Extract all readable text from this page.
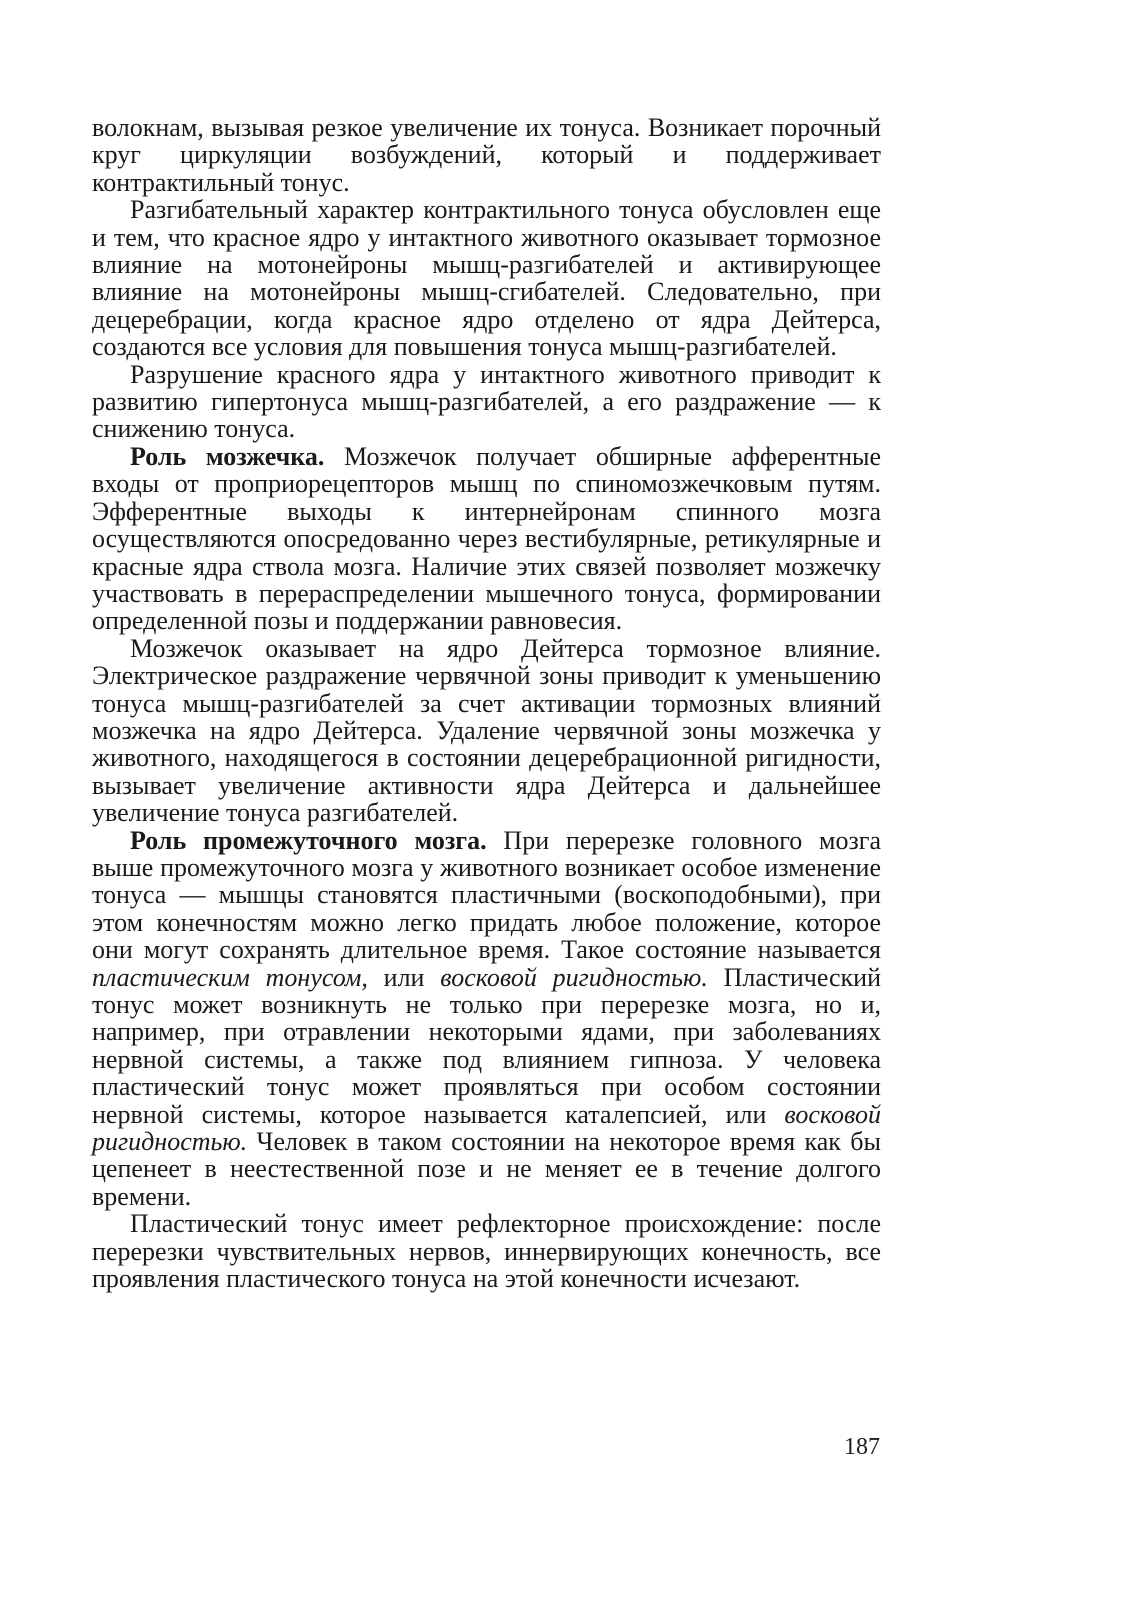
волокнам, вызывая резкое увеличение их тонуса. Возникает порочный круг циркуляции возбуждений, который и поддерживает контрактильный тонус.

Разгибательный характер контрактильного тонуса обусловлен еще и тем, что красное ядро у интактного животного оказывает тормозное влияние на мотонейроны мышц-разгибателей и активирующее влияние на мотонейроны мышц-сгибателей. Следовательно, при децеребрации, когда красное ядро отделено от ядра Дейтерса, создаются все условия для повышения тонуса мышц-разгибателей.

Разрушение красного ядра у интактного животного приводит к развитию гипертонуса мышц-разгибателей, а его раздражение — к снижению тонуса.

Роль мозжечка. Мозжечок получает обширные афферентные входы от проприорецепторов мышц по спиномозжечковым путям. Эфферентные выходы к интернейронам спинного мозга осуществляются опосредованно через вестибулярные, ретикулярные и красные ядра ствола мозга. Наличие этих связей позволяет мозжечку участвовать в перераспределении мышечного тонуса, формировании определенной позы и поддержании равновесия.

Мозжечок оказывает на ядро Дейтерса тормозное влияние. Электрическое раздражение червячной зоны приводит к уменьшению тонуса мышц-разгибателей за счет активации тормозных влияний мозжечка на ядро Дейтерса. Удаление червячной зоны мозжечка у животного, находящегося в состоянии децеребрационной ригидности, вызывает увеличение активности ядра Дейтерса и дальнейшее увеличение тонуса разгибателей.

Роль промежуточного мозга. При перерезке головного мозга выше промежуточного мозга у животного возникает особое изменение тонуса — мышцы становятся пластичными (воскоподобными), при этом конечностям можно легко придать любое положение, которое они могут сохранять длительное время. Такое состояние называется пластическим тонусом, или восковой ригидностью. Пластический тонус может возникнуть не только при перерезке мозга, но и, например, при отравлении некоторыми ядами, при заболеваниях нервной системы, а также под влиянием гипноза. У человека пластический тонус может проявляться при особом состоянии нервной системы, которое называется каталепсией, или восковой ригидностью. Человек в таком состоянии на некоторое время как бы цепенеет в неестественной позе и не меняет ее в течение долгого времени.

Пластический тонус имеет рефлекторное происхождение: после перерезки чувствительных нервов, иннервирующих конечность, все проявления пластического тонуса на этой конечности исчезают.

187
